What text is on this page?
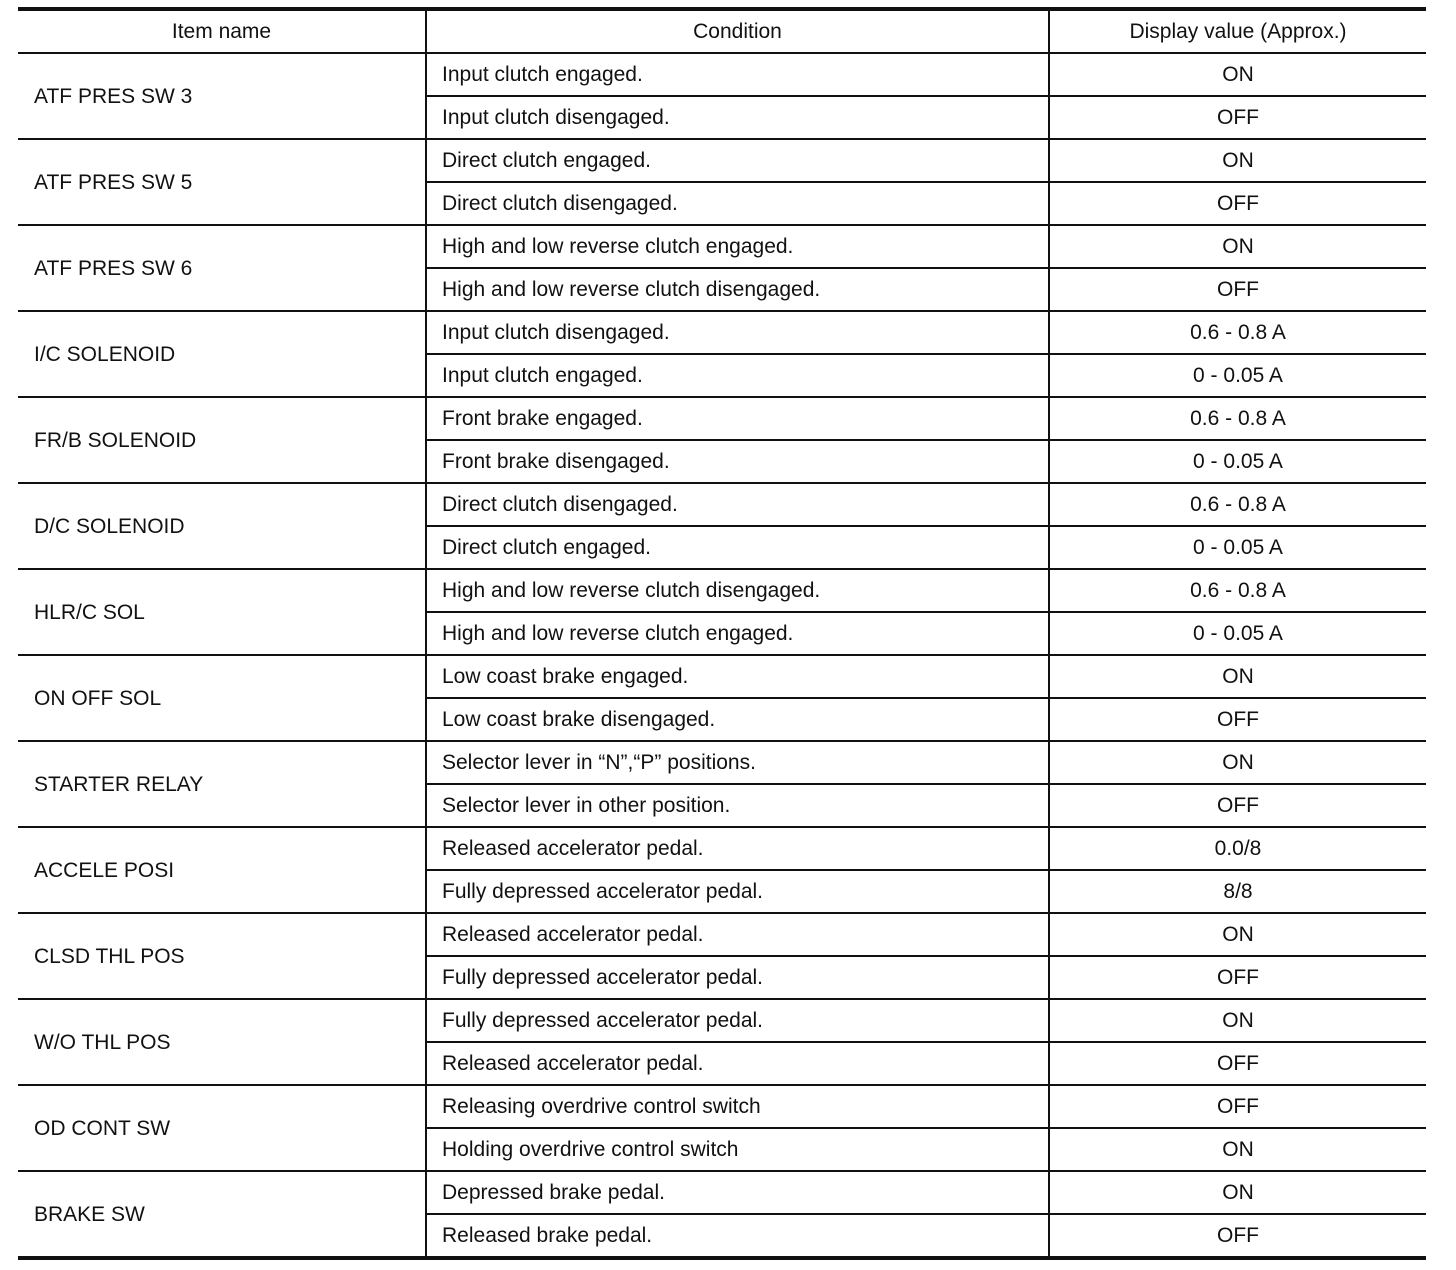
Item name	Condition	Display value (Approx.)
ATF PRES SW 3	Input clutch engaged.	ON
	Input clutch disengaged.	OFF
ATF PRES SW 5	Direct clutch engaged.	ON
	Direct clutch disengaged.	OFF
ATF PRES SW 6	High and low reverse clutch engaged.	ON
	High and low reverse clutch disengaged.	OFF
I/C SOLENOID	Input clutch disengaged.	0.6 - 0.8 A
	Input clutch engaged.	0 - 0.05 A
FR/B SOLENOID	Front brake engaged.	0.6 - 0.8 A
	Front brake disengaged.	0 - 0.05 A
D/C SOLENOID	Direct clutch disengaged.	0.6 - 0.8 A
	Direct clutch engaged.	0 - 0.05 A
HLR/C SOL	High and low reverse clutch disengaged.	0.6 - 0.8 A
	High and low reverse clutch engaged.	0 - 0.05 A
ON OFF SOL	Low coast brake engaged.	ON
	Low coast brake disengaged.	OFF
STARTER RELAY	Selector lever in “N”,“P” positions.	ON
	Selector lever in other position.	OFF
ACCELE POSI	Released accelerator pedal.	0.0/8
	Fully depressed accelerator pedal.	8/8
CLSD THL POS	Released accelerator pedal.	ON
	Fully depressed accelerator pedal.	OFF
W/O THL POS	Fully depressed accelerator pedal.	ON
	Released accelerator pedal.	OFF
OD CONT SW	Releasing overdrive control switch	OFF
	Holding overdrive control switch	ON
BRAKE SW	Depressed brake pedal.	ON
	Released brake pedal.	OFF
